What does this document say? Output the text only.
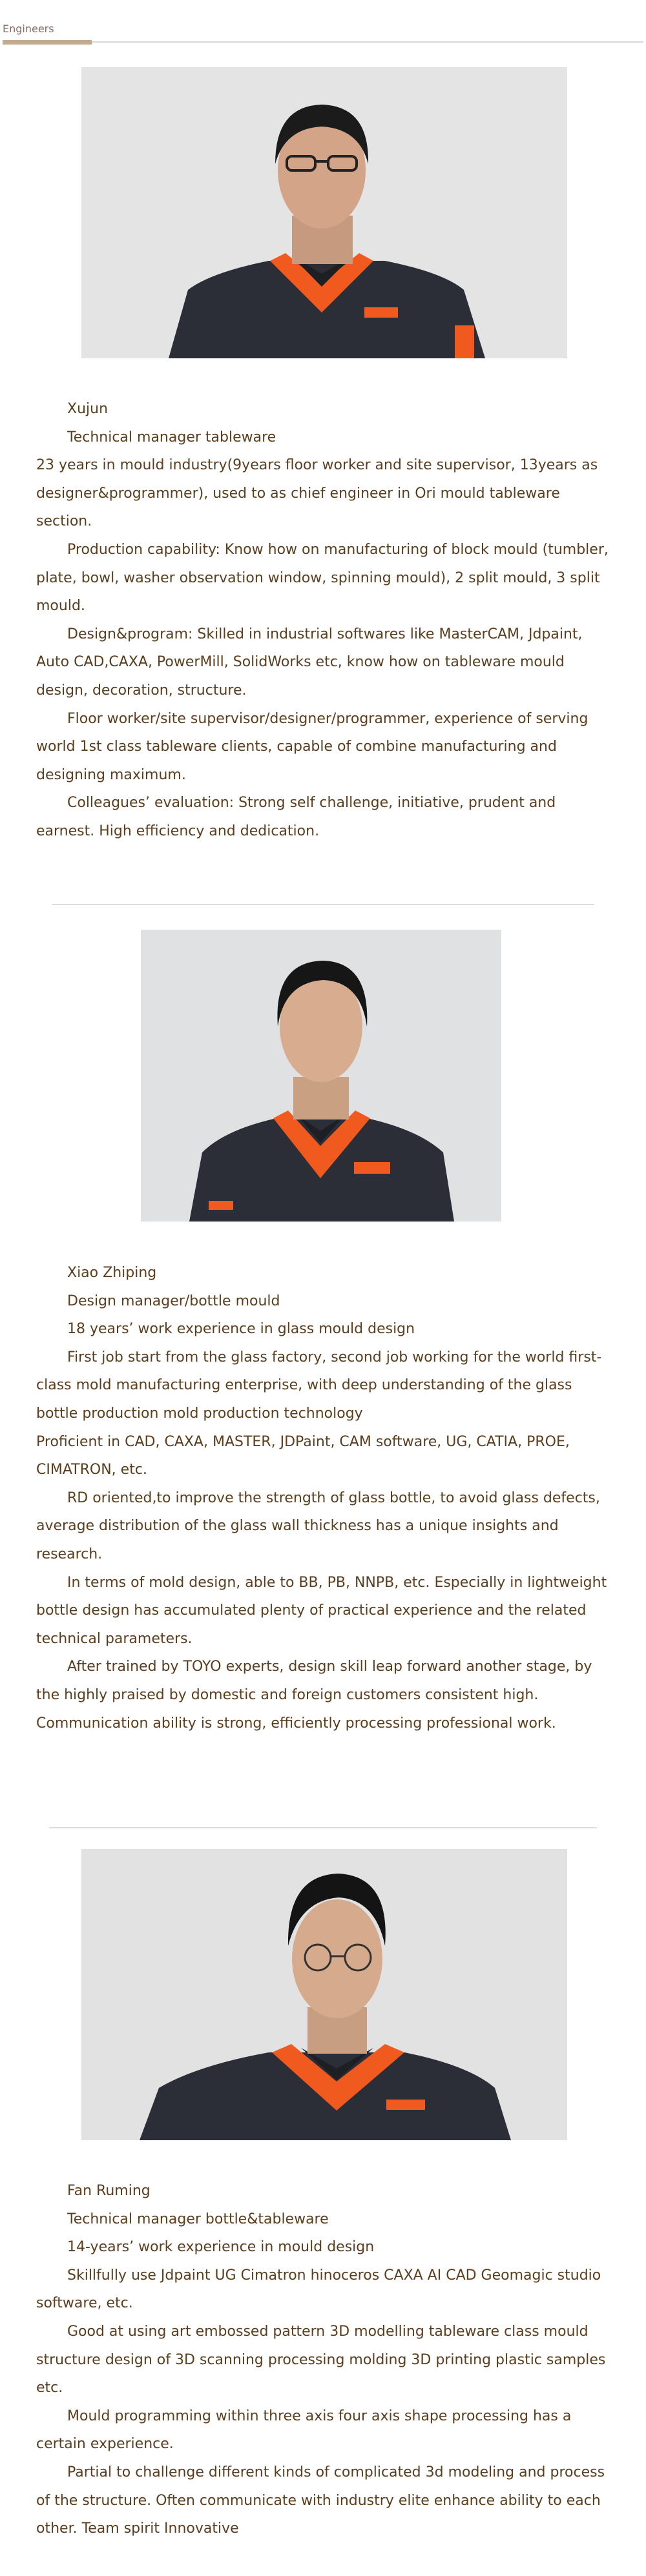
Engineers

Xujun

Technical manager tableware

23 years in mould industry(9years floor worker and site supervisor, 13years as designer&programmer), used to as chief engineer in Ori mould tableware section.

Production capability: Know how on manufacturing of block mould (tumbler, plate, bowl, washer observation window, spinning mould), 2 split mould, 3 split mould.

Design&program: Skilled in industrial softwares like MasterCAM, Jdpaint, Auto CAD,CAXA, PowerMill, SolidWorks etc, know how on tableware mould design, decoration, structure.

Floor worker/site supervisor/designer/programmer, experience of serving world 1st class tableware clients, capable of combine manufacturing and designing maximum.

Colleagues’ evaluation: Strong self challenge, initiative, prudent and earnest. High efficiency and dedication.

Xiao Zhiping

Design manager/bottle mould

18 years’ work experience in glass mould design

First job start from the glass factory, second job working for the world first-class mold manufacturing enterprise, with deep understanding of the glass bottle production mold production technology

Proficient in CAD, CAXA, MASTER, JDPaint, CAM software, UG, CATIA, PROE, CIMATRON, etc.

RD oriented,to improve the strength of glass bottle, to avoid glass defects, average distribution of the glass wall thickness has a unique insights and research.

In terms of mold design, able to BB, PB, NNPB, etc. Especially in lightweight bottle design has accumulated plenty of practical experience and the related technical parameters.

After trained by TOYO experts, design skill leap forward another stage, by the highly praised by domestic and foreign customers consistent high. Communication ability is strong, efficiently processing professional work.

Fan Ruming

Technical manager bottle&tableware

14-years’ work experience in mould design

Skillfully use Jdpaint UG Cimatron hinoceros CAXA AI CAD Geomagic studio software, etc.

Good at using art embossed pattern 3D modelling tableware class mould structure design of 3D scanning processing molding 3D printing plastic samples etc.

Mould programming within three axis four axis shape processing has a certain experience.

Partial to challenge different kinds of complicated 3d modeling and process of the structure. Often communicate with industry elite enhance ability to each other. Team spirit Innovative
